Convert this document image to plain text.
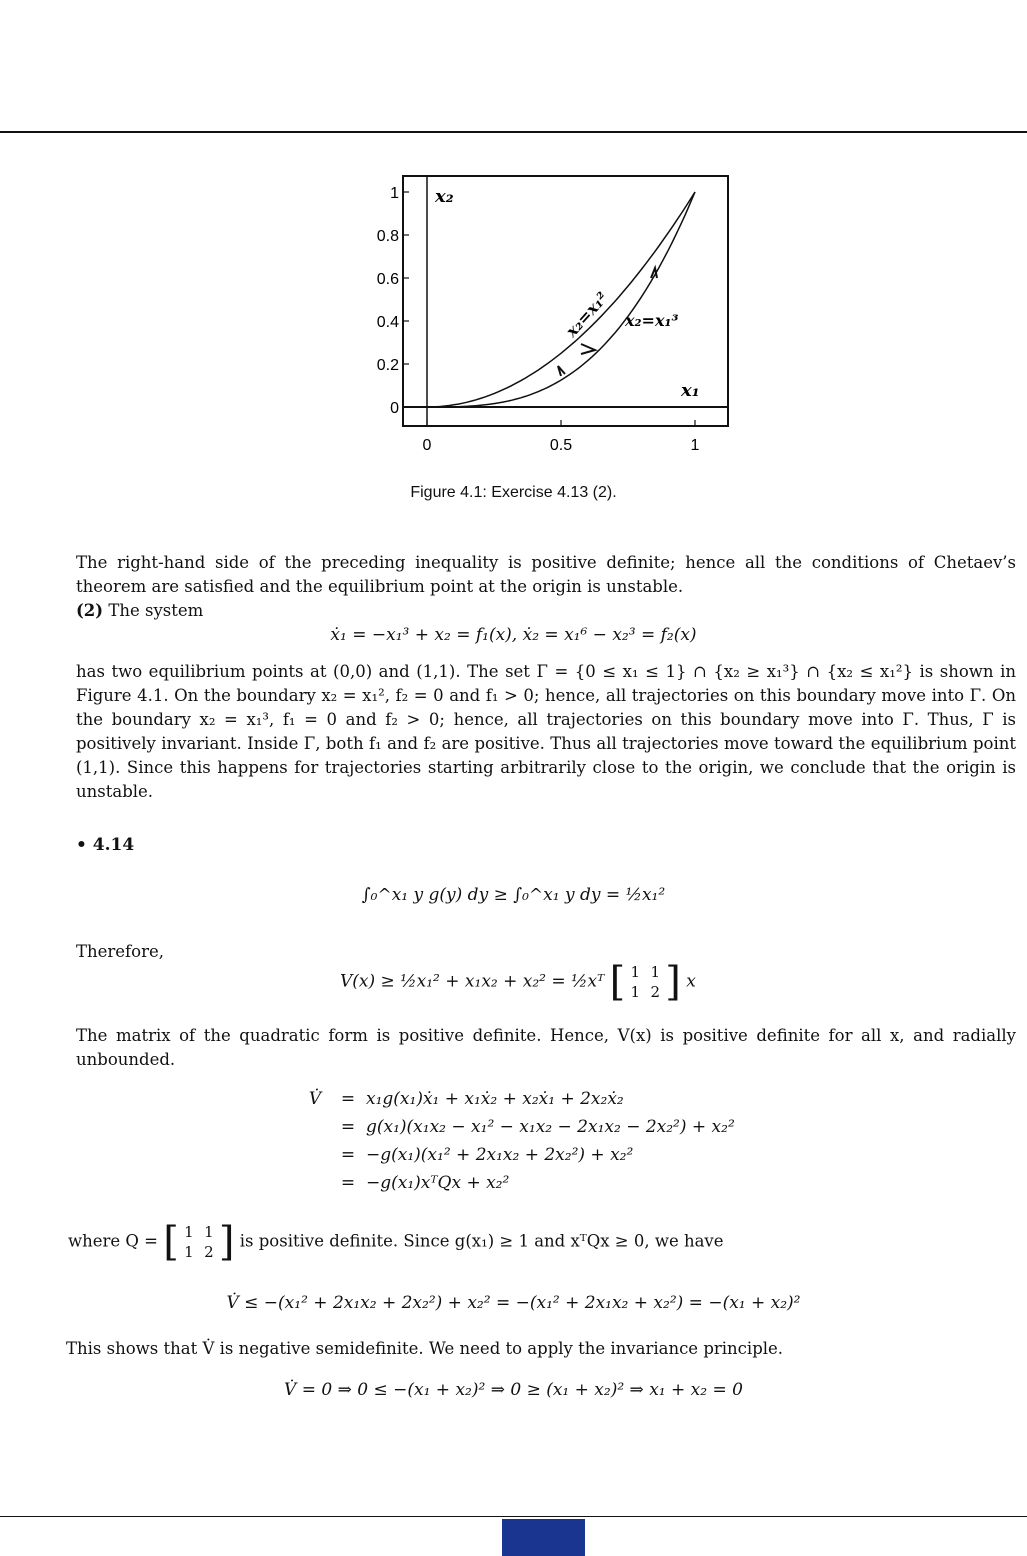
1
0.8
0.6
0.4
0.2
0
0	0.5	1
x₂
x₁
x₂=x₁² x₂=x₁³
Figure 4.1: Exercise 4.13 (2).
The right-hand side of the preceding inequality is positive definite; hence all the conditions of Chetaev’s theorem are satisfied and the equilibrium point at the origin is unstable.
(2) The system
ẋ₁ = −x₁³ + x₂ = f₁(x), ẋ₂ = x₁⁶ − x₂³ = f₂(x)
has two equilibrium points at (0,0) and (1,1). The set Γ = {0 ≤ x₁ ≤ 1} ∩ {x₂ ≥ x₁³} ∩ {x₂ ≤ x₁²} is shown in Figure 4.1. On the boundary x₂ = x₁², f₂ = 0 and f₁ > 0; hence, all trajectories on this boundary move into Γ. On the boundary x₂ = x₁³, f₁ = 0 and f₂ > 0; hence, all trajectories on this boundary move into Γ. Thus, Γ is positively invariant. Inside Γ, both f₁ and f₂ are positive. Thus all trajectories move toward the equilibrium point (1,1). Since this happens for trajectories starting arbitrarily close to the origin, we conclude that the origin is unstable.
• 4.14
∫₀^x₁ y g(y) dy ≥ ∫₀^x₁ y dy = ½x₁²
Therefore,
V(x) ≥ ½x₁² + x₁x₂ + x₂² = ½xᵀ [ 1 1
1 2 ] x
The matrix of the quadratic form is positive definite. Hence, V(x) is positive definite for all x, and radially unbounded.
V̇	= x₁g(x₁)ẋ₁ + x₁ẋ₂ + x₂ẋ₁ + 2x₂ẋ₂
= g(x₁)(x₁x₂ − x₁² − x₁x₂ − 2x₁x₂ − 2x₂²) + x₂²
= −g(x₁)(x₁² + 2x₁x₂ + 2x₂²) + x₂²
= −g(x₁)xᵀQx + x₂²
where Q = [ 1 1
1 2 ] is positive definite. Since g(x₁) ≥ 1 and xᵀQx ≥ 0, we have
V̇ ≤ −(x₁² + 2x₁x₂ + 2x₂²) + x₂² = −(x₁² + 2x₁x₂ + x₂²) = −(x₁ + x₂)²
This shows that V̇ is negative semidefinite. We need to apply the invariance principle.
V̇ = 0 ⇒ 0 ≤ −(x₁ + x₂)² ⇒ 0 ≥ (x₁ + x₂)² ⇒ x₁ + x₂ = 0
